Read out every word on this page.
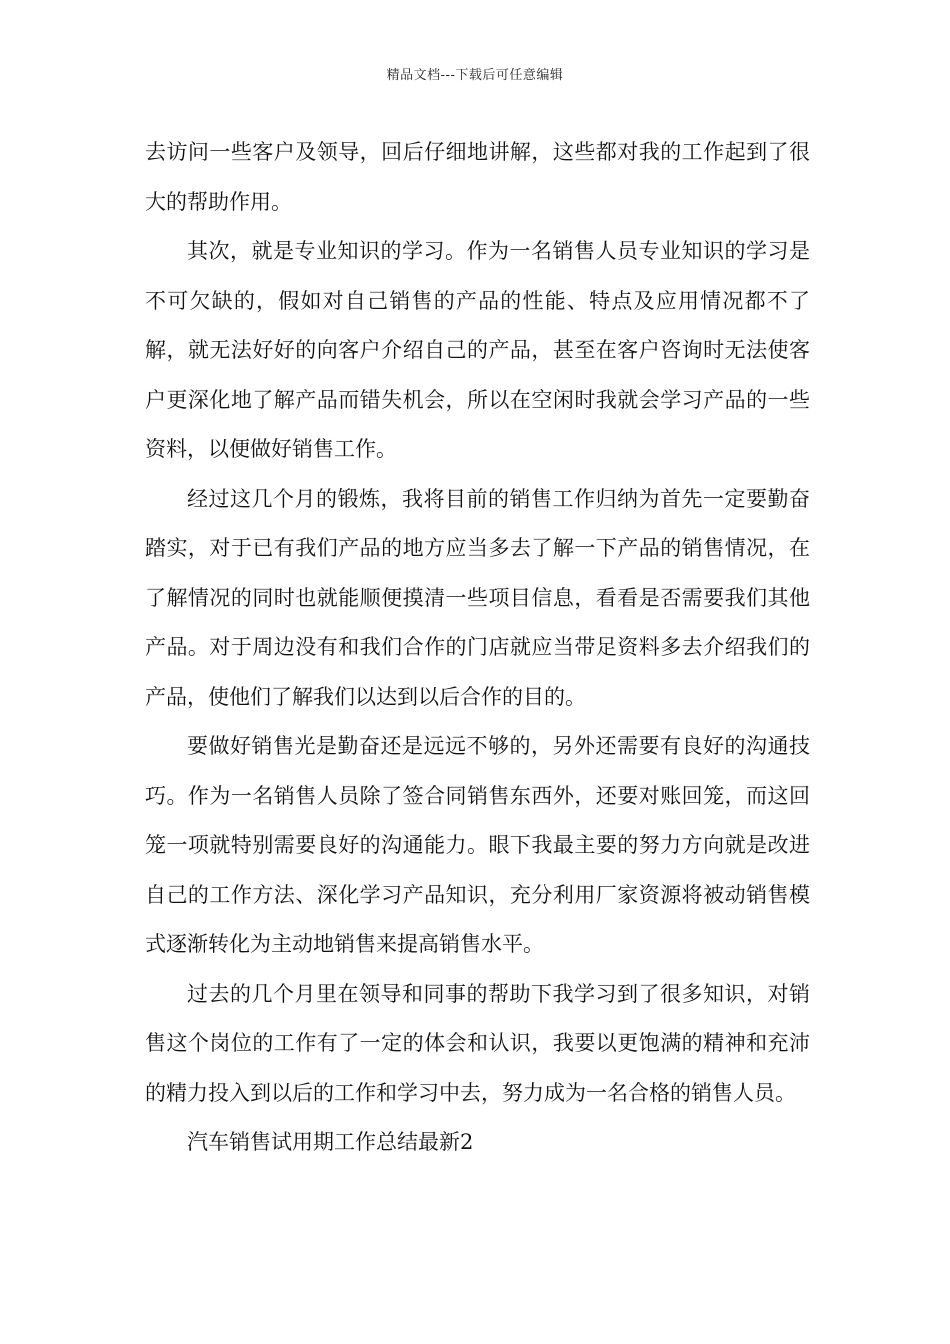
精品文档---下载后可任意编辑

去访问一些客户及领导，回后仔细地讲解，这些都对我的工作起到了很大的帮助作用。

其次，就是专业知识的学习。作为一名销售人员专业知识的学习是不可欠缺的，假如对自己销售的产品的性能、特点及应用情况都不了解，就无法好好的向客户介绍自己的产品，甚至在客户咨询时无法使客户更深化地了解产品而错失机会，所以在空闲时我就会学习产品的一些资料，以便做好销售工作。

经过这几个月的锻炼，我将目前的销售工作归纳为首先一定要勤奋踏实，对于已有我们产品的地方应当多去了解一下产品的销售情况，在了解情况的同时也就能顺便摸清一些项目信息，看看是否需要我们其他产品。对于周边没有和我们合作的门店就应当带足资料多去介绍我们的产品，使他们了解我们以达到以后合作的目的。

要做好销售光是勤奋还是远远不够的，另外还需要有良好的沟通技巧。作为一名销售人员除了签合同销售东西外，还要对账回笼，而这回笼一项就特别需要良好的沟通能力。眼下我最主要的努力方向就是改进自己的工作方法、深化学习产品知识，充分利用厂家资源将被动销售模式逐渐转化为主动地销售来提高销售水平。

过去的几个月里在领导和同事的帮助下我学习到了很多知识，对销售这个岗位的工作有了一定的体会和认识，我要以更饱满的精神和充沛的精力投入到以后的工作和学习中去，努力成为一名合格的销售人员。

汽车销售试用期工作总结最新2
